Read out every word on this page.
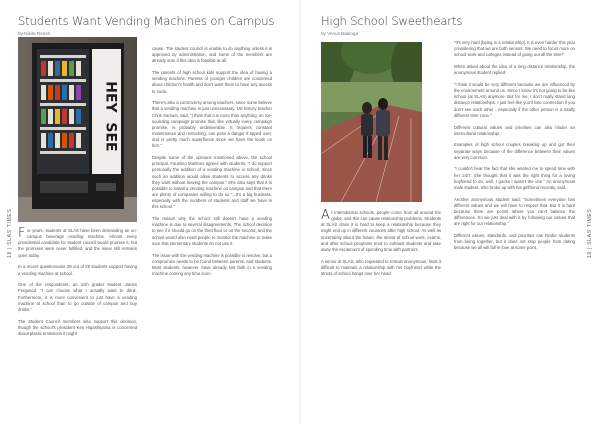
Students Want Vending Machines on Campus
by Nikita Reesh
HEY
SEE
18 | SLAS TIMES For years, students at SLAS have been demanding an on-campus beverage vending machine. Almost every presidential candidate for student council would promise it, but the promises were never fulfilled, and the issue still remains open today.

In a recent questionnaire 28 out of 29 students support having a vending machine at school.

One of the respondents, an 11th grader student James Fergusod, "I can choose what I actually want to drink. Furthermore, it is more convenient to just have a vending machine at school than to go outside of campus and buy drinks."

The Student Council members also support this decision, though the school's president Ken Higashiyama is concerned about plastic emissions it might

cause. The student council is unable to do anything unless it is approved by administration, and some of the members are already sure if this idea is feasible at all.

The parents of high school kids support the idea of having a vending machine. Parents of younger children are concerned about children's health and don't want them to have any access to soda.

There's also a controversy among teachers, since some believe that a vending machine is just unnecessary. US history teacher Chris Samuel, said, "I think that it is more than anything, an Ice-sounding campaign promise that, like virtually every campaign promise, is probably undeliverable. It requires constant maintenance and restocking, can pose a danger if tipped over, and is pretty much superfluous since we have the kiosk on fern."

Despite some of the opinions mentioned above, the school principal, Faustino Martinez agrees with students, "I do support personally the addition of a vending machine in school, since such an addition would allow students to access any drinks they want without leaving the campus." She also says that it is possible to install a vending machine on campus and that there are plenty of companies willing to do so "...It's a big business, especially with the numbers of students and staff we have in this school."

The reason why the school still doesn't have a vending machine is due to several disagreements. The school decision to see if it should go on the third floor or on the second, and the school would also need people to monitor the machine to make sure that elementary students do not use it.

The issue with the vending machine is possible to resolve, but a compromise needs to be found between parents, and students. Most students, however, have already lost faith in a vending machine coming any time soon.

High School Sweethearts
by Venus Babinga
19 | SLAS TIMES

At international schools, people come from all around the globe, and this can cause relationship problems. Students at SLAS claim it is hard to keep a relationship because they might end up in different countries after high school. As well as uncertainty about the future, the stress of school work, exams, and after school programs tend to exhaust students and take away the excitement of spending time with partners.

A senior at SLAS, who requested to remain anonymous, finds it difficult to maintain a relationship with her boyfriend while the stress of school hangs over her head.

"It's very hard [being in a relationship]. It is even harder this year considering that we are both seniors. We need to focus more on school work and colleges instead of going out all the time!"

When asked about the idea of a long distance relationship, the anonymous student replied:

"I think it would be very different because we are influenced by the environment around us. Since I know it's not going to be like school (at SLAS) anymore. But for me, I don't really stand long distance relationships. I just feel like you'll lose connection if you don't see each other - especially if the other person is a totally different time zone."

Different cultural values and priorities can also hinder an intercultural relationship.

Examples of high school couples breaking up and got their separate ways because of the difference between their values are very common.

"I couldn't bear the fact that she wanted me to spend time with her 24/7. She thought that it was the right thing for a loving boyfriend to do, well, I guess I wasn't the one." An anonymous male student, who broke up with his girlfriend recently, said.

Another anonymous student said: "Sometimes everyone has different values and we will have to respect that. But it is hard because there are points where you can't balance the differences. So we just deal with it by following our values that are right for our relationship."

Different values, standards, and priorities can hinder students from being together, but it does not stop people from dating because we all will fall in love at some point.
